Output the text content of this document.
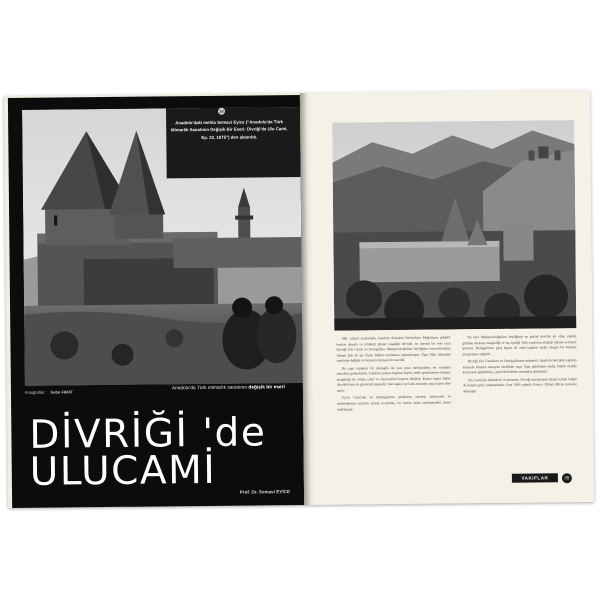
38
Anadolu'daki mebta Semavi Eyice (“Anadolu'da Türk Mimarlık Sanatının Değişik Bir Eseri: Divriği'de Ulu Cami, Ep. 22, 1975”) den aktarıldı.
Fotoğraflar : Sebo FIRAT
Anadolu'da Türk mimarlık sanatının değişik bir eseri
DİVRİĞİ 'de
ULUCAMİ	Prof. Dr. Semavi EYİCE

XIII. yüzyıl ortalarında Anadolu Selçuklu Devleti'nin Moğolların şiddetli baskısı altında ve tehlikeli günler yaşadığı devirde, en önemli bir eser olan Divriği Ulu Camii ve Darüşşifası, Mengucukoğulları beyliğinin kurucularından Ahmet Şah ile eşi Turan Melek tarafından yaptırılmıştır. Yapı Türk mimarlık sanatının değişik ve benzeri olmayan bir eseridir.

Bu yapı topluluk bir darüşşifa ile yan yana birleştirilmiş bir camiden meydana gelmektedir. Caminin şahane kapıları hiçbir yerde görülmeyen süsleme zenginliği ile ortaya çıkar ve ziyaretçileri hayrete düşürür. Kuzey kapısı bütün Anadolu'nun en gösterişli kapısıdır; batı kapısı ise halk arasında çarşı kapısı diye anılır.

Eyice Cami'nin ve Darüşşifa'nın planlarını çizerek, tarihçesini ve süslemelerini ayrıntılı olarak incelemiş, bu eserin sanat tarihimizdeki yerini belirtmiştir.

Bu eser Mengucukoğulları beyliğinin en parlak devrine ait olup, yapıda görülen süsleme zenginliği ve taş işçiliği Türk sanatının ulaştığı yüksek seviyeyi gösterir. Darüşşifa'nın giriş kapısı da cami kapıları kadar zengin bir bezeme programına sahiptir.

Divriği Ulu Camii'nin ve Darüşşifasının mimarisi, Anadolu Selçuklu yapıları arasında benzeri olmayan özellikler taşır. Yapı günümüze kadar büyük ölçüde korunarak gelebilmiş, çeşitli devirlerde onarımlar görmüştür.

Ulu Cami'nin kubbeleri ve minaresi, Divriği kasabasının silueti içinde bugün de hemen göze çarpmaktadır. Eser 1985 yılında Unesco Dünya Mirası listesine alınmıştır.

VAKIFLAR	35
